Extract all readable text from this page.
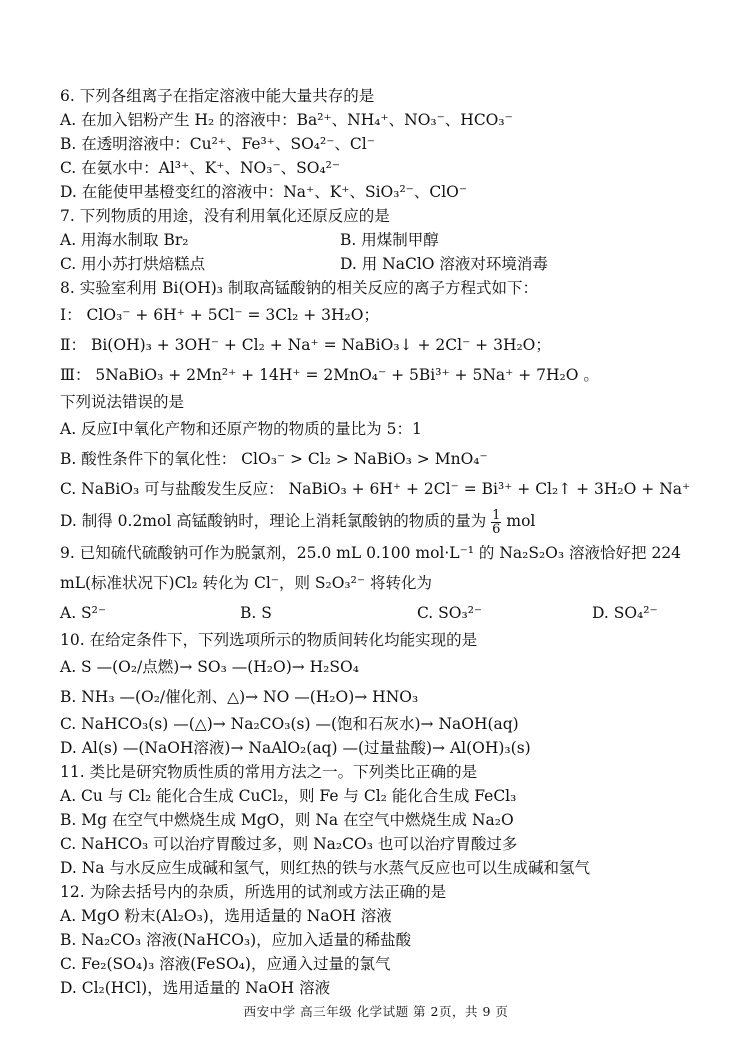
6. 下列各组离子在指定溶液中能大量共存的是
A. 在加入铝粉产生 H₂ 的溶液中：Ba²⁺、NH₄⁺、NO₃⁻、HCO₃⁻
B. 在透明溶液中：Cu²⁺、Fe³⁺、SO₄²⁻、Cl⁻
C. 在氨水中：Al³⁺、K⁺、NO₃⁻、SO₄²⁻
D. 在能使甲基橙变红的溶液中：Na⁺、K⁺、SiO₃²⁻、ClO⁻
7. 下列物质的用途，没有利用氧化还原反应的是
A. 用海水制取 Br₂	B. 用煤制甲醇
C. 用小苏打烘焙糕点	D. 用 NaClO 溶液对环境消毒
8. 实验室利用 Bi(OH)₃ 制取高锰酸钠的相关反应的离子方程式如下：
Ⅰ： ClO₃⁻ + 6H⁺ + 5Cl⁻ = 3Cl₂ + 3H₂O；
Ⅱ： Bi(OH)₃ + 3OH⁻ + Cl₂ + Na⁺ = NaBiO₃↓ + 2Cl⁻ + 3H₂O；
Ⅲ： 5NaBiO₃ + 2Mn²⁺ + 14H⁺ = 2MnO₄⁻ + 5Bi³⁺ + 5Na⁺ + 7H₂O 。
下列说法错误的是
A. 反应Ⅰ中氧化产物和还原产物的物质的量比为 5：1
B. 酸性条件下的氧化性： ClO₃⁻ > Cl₂ > NaBiO₃ > MnO₄⁻
C. NaBiO₃ 可与盐酸发生反应： NaBiO₃ + 6H⁺ + 2Cl⁻ = Bi³⁺ + Cl₂↑ + 3H₂O + Na⁺
D. 制得 0.2mol 高锰酸钠时，理论上消耗氯酸钠的物质的量为 $\frac{1}{6}$ mol
9. 已知硫代硫酸钠可作为脱氯剂，25.0 mL 0.100 mol·L⁻¹ 的 Na₂S₂O₃ 溶液恰好把 224
mL(标准状况下)Cl₂ 转化为 Cl⁻，则 S₂O₃²⁻ 将转化为
A. S²⁻	B. S	C. SO₃²⁻	D. SO₄²⁻
10. 在给定条件下，下列选项所示的物质间转化均能实现的是
A. S —(O₂/点燃)→ SO₃ —(H₂O)→ H₂SO₄
B. NH₃ —(O₂/催化剂、△)→ NO —(H₂O)→ HNO₃
C. NaHCO₃(s) —(△)→ Na₂CO₃(s) —(饱和石灰水)→ NaOH(aq)
D. Al(s) —(NaOH溶液)→ NaAlO₂(aq) —(过量盐酸)→ Al(OH)₃(s)
11. 类比是研究物质性质的常用方法之一。下列类比正确的是
A. Cu 与 Cl₂ 能化合生成 CuCl₂，则 Fe 与 Cl₂ 能化合生成 FeCl₃
B. Mg 在空气中燃烧生成 MgO，则 Na 在空气中燃烧生成 Na₂O
C. NaHCO₃ 可以治疗胃酸过多，则 Na₂CO₃ 也可以治疗胃酸过多
D. Na 与水反应生成碱和氢气，则红热的铁与水蒸气反应也可以生成碱和氢气
12. 为除去括号内的杂质，所选用的试剂或方法正确的是
A. MgO 粉末(Al₂O₃)，选用适量的 NaOH 溶液
B. Na₂CO₃ 溶液(NaHCO₃)，应加入适量的稀盐酸
C. Fe₂(SO₄)₃ 溶液(FeSO₄)，应通入过量的氯气
D. Cl₂(HCl)，选用适量的 NaOH 溶液
西安中学 高三年级 化学试题 第 2页，共 9 页
